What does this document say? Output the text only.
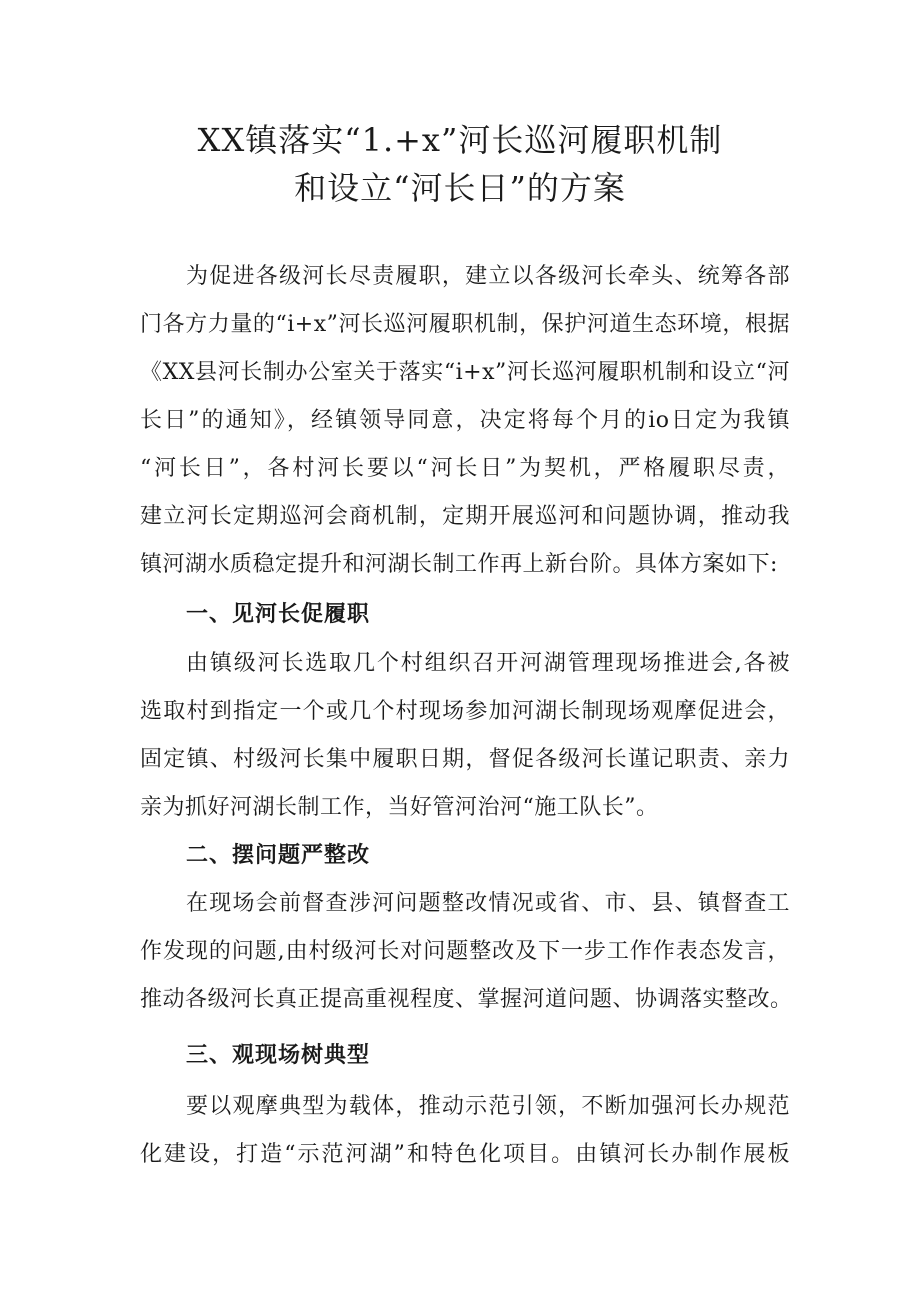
XX镇落实“1.+x”河长巡河履职机制
和设立“河长日”的方案
为促进各级河长尽责履职，建立以各级河长牵头、统筹各部
门各方力量的“i+x”河长巡河履职机制，保护河道生态环境，根据
《XX县河长制办公室关于落实“i+x”河长巡河履职机制和设立“河
长日”的通知》，经镇领导同意，决定将每个月的io日定为我镇
“河长日”，各村河长要以“河长日”为契机，严格履职尽责，
建立河长定期巡河会商机制，定期开展巡河和问题协调，推动我
镇河湖水质稳定提升和河湖长制工作再上新台阶。具体方案如下:
一、见河长促履职
由镇级河长选取几个村组织召开河湖管理现场推进会,各被
选取村到指定一个或几个村现场参加河湖长制现场观摩促进会，
固定镇、村级河长集中履职日期，督促各级河长谨记职责、亲力
亲为抓好河湖长制工作，当好管河治河“施工队长”。
二、摆问题严整改
在现场会前督查涉河问题整改情况或省、市、县、镇督查工
作发现的问题,由村级河长对问题整改及下一步工作作表态发言，
推动各级河长真正提高重视程度、掌握河道问题、协调落实整改。
三、观现场树典型
要以观摩典型为载体，推动示范引领，不断加强河长办规范
化建设，打造“示范河湖”和特色化项目。由镇河长办制作展板
